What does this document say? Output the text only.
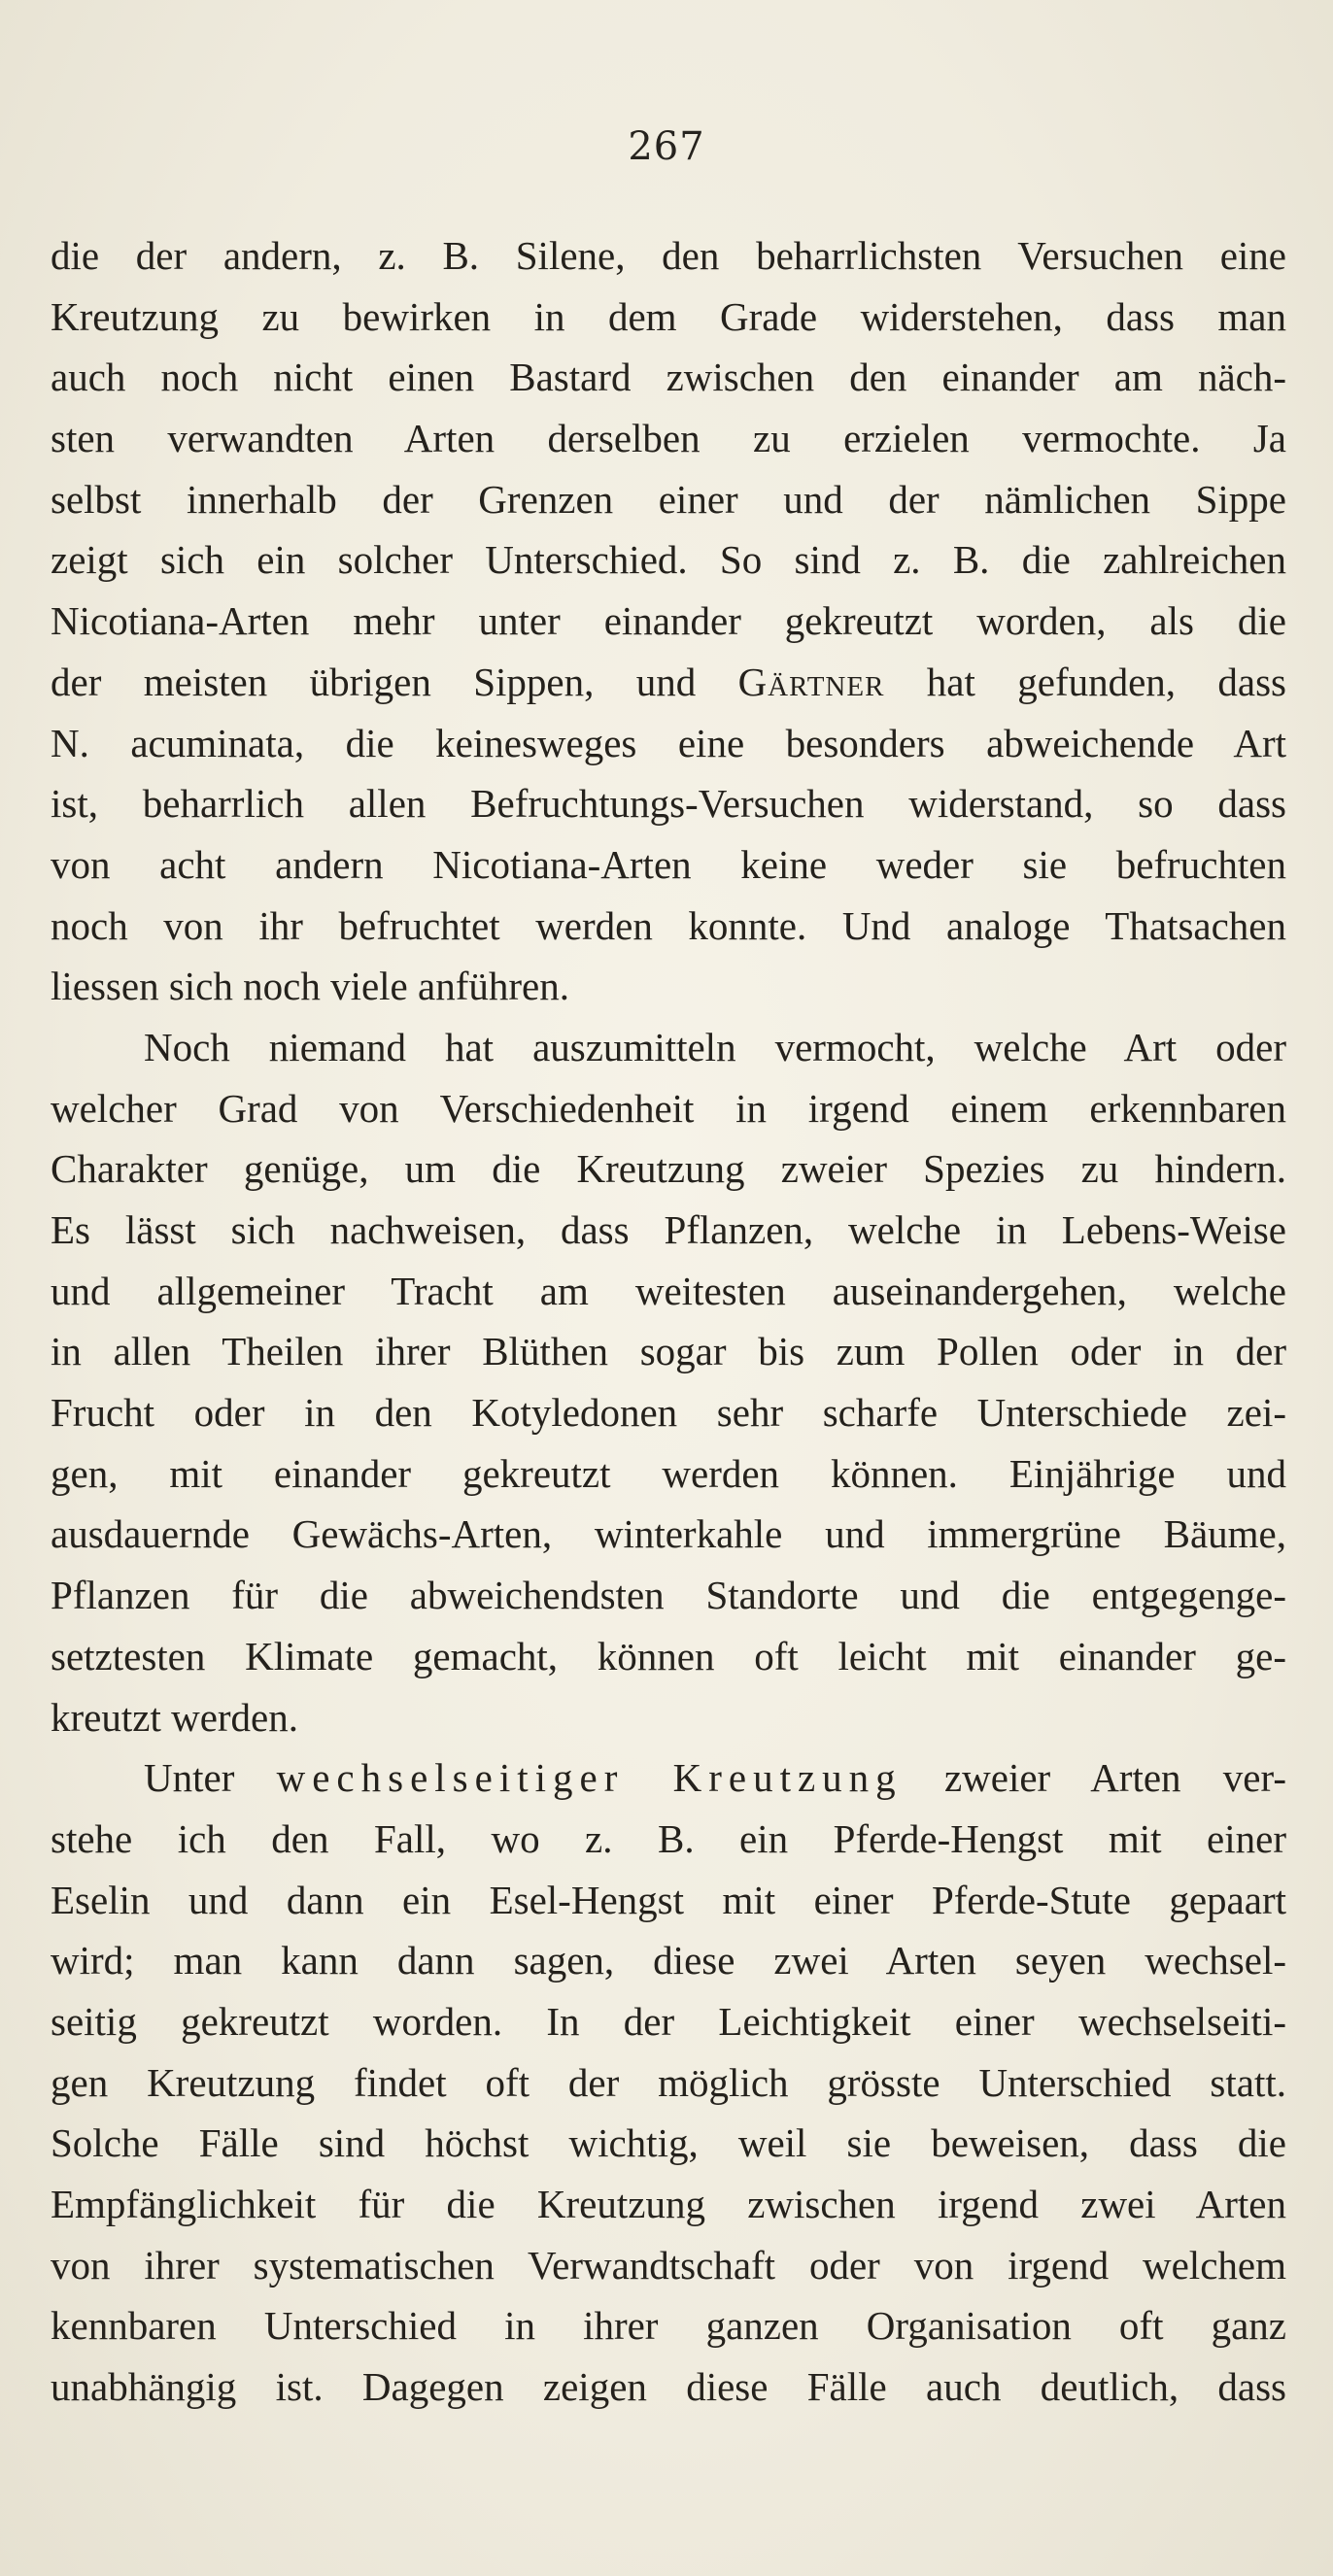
267
die der andern, z. B. Silene, den beharrlichsten Versuchen eine
Kreutzung zu bewirken in dem Grade widerstehen, dass man
auch noch nicht einen Bastard zwischen den einander am näch-
sten verwandten Arten derselben zu erzielen vermochte. Ja
selbst innerhalb der Grenzen einer und der nämlichen Sippe
zeigt sich ein solcher Unterschied. So sind z. B. die zahlreichen
Nicotiana-Arten mehr unter einander gekreutzt worden, als die
der meisten übrigen Sippen, und Gärtner hat gefunden, dass
N. acuminata, die keinesweges eine besonders abweichende Art
ist, beharrlich allen Befruchtungs-Versuchen widerstand, so dass
von acht andern Nicotiana-Arten keine weder sie befruchten
noch von ihr befruchtet werden konnte. Und analoge Thatsachen
liessen sich noch viele anführen.
Noch niemand hat auszumitteln vermocht, welche Art oder
welcher Grad von Verschiedenheit in irgend einem erkennbaren
Charakter genüge, um die Kreutzung zweier Spezies zu hindern.
Es lässt sich nachweisen, dass Pflanzen, welche in Lebens-Weise
und allgemeiner Tracht am weitesten auseinandergehen, welche
in allen Theilen ihrer Blüthen sogar bis zum Pollen oder in der
Frucht oder in den Kotyledonen sehr scharfe Unterschiede zei-
gen, mit einander gekreutzt werden können. Einjährige und
ausdauernde Gewächs-Arten, winterkahle und immergrüne Bäume,
Pflanzen für die abweichendsten Standorte und die entgegenge-
setztesten Klimate gemacht, können oft leicht mit einander ge-
kreutzt werden.
Unter wechselseitiger Kreutzung zweier Arten ver-
stehe ich den Fall, wo z. B. ein Pferde-Hengst mit einer
Eselin und dann ein Esel-Hengst mit einer Pferde-Stute gepaart
wird; man kann dann sagen, diese zwei Arten seyen wechsel-
seitig gekreutzt worden. In der Leichtigkeit einer wechselseiti-
gen Kreutzung findet oft der möglich grösste Unterschied statt.
Solche Fälle sind höchst wichtig, weil sie beweisen, dass die
Empfänglichkeit für die Kreutzung zwischen irgend zwei Arten
von ihrer systematischen Verwandtschaft oder von irgend welchem
kennbaren Unterschied in ihrer ganzen Organisation oft ganz
unabhängig ist. Dagegen zeigen diese Fälle auch deutlich, dass
